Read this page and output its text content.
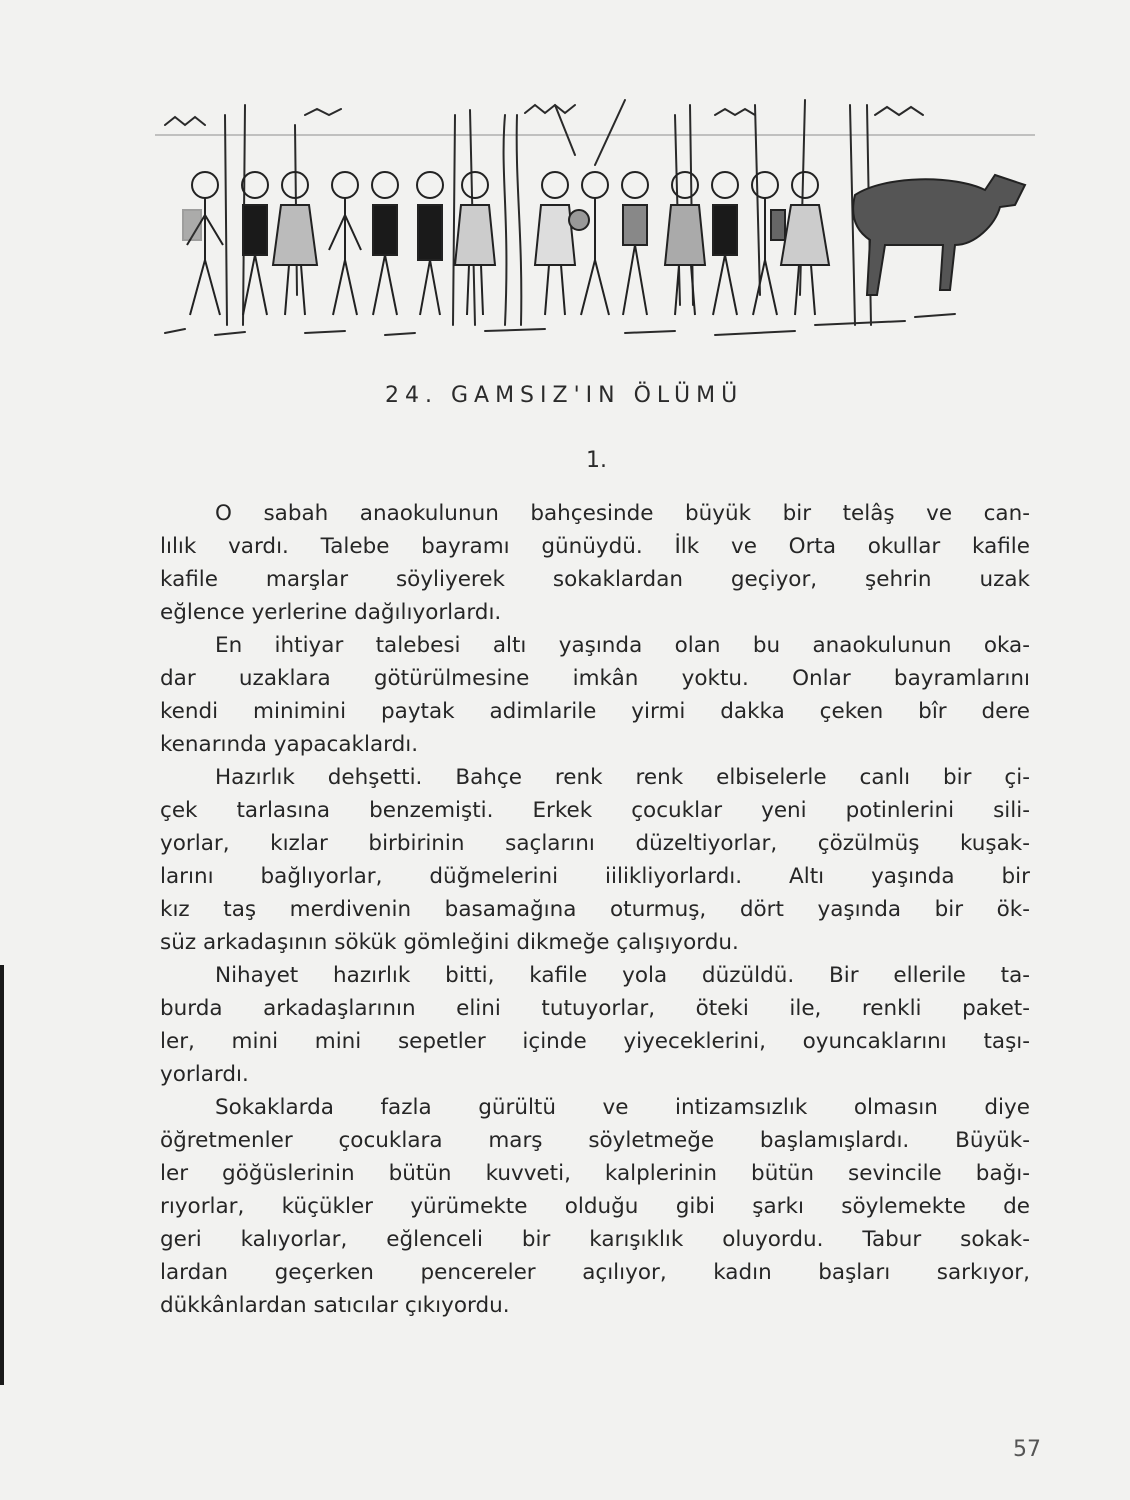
24. GAMSIZ'IN ÖLÜMÜ
1.
O sabah anaokulunun bahçesinde büyük bir telâş ve can-
lılık vardı. Talebe bayramı günüydü. İlk ve Orta okullar kafile
kafile marşlar söyliyerek sokaklardan geçiyor, şehrin uzak
eğlence yerlerine dağılıyorlardı.
En ihtiyar talebesi altı yaşında olan bu anaokulunun oka-
dar uzaklara götürülmesine imkân yoktu. Onlar bayramlarını
kendi minimini paytak adimlarile yirmi dakka çeken bîr dere
kenarında yapacaklardı.
Hazırlık dehşetti. Bahçe renk renk elbiselerle canlı bir çi-
çek tarlasına benzemişti. Erkek çocuklar yeni potinlerini sili-
yorlar, kızlar birbirinin saçlarını düzeltiyorlar, çözülmüş kuşak-
larını bağlıyorlar, düğmelerini iilikliyorlardı. Altı yaşında bir
kız taş merdivenin basamağına oturmuş, dört yaşında bir ök-
süz arkadaşının sökük gömleğini dikmeğe çalışıyordu.
Nihayet hazırlık bitti, kafile yola düzüldü. Bir ellerile ta-
burda arkadaşlarının elini tutuyorlar, öteki ile, renkli paket-
ler, mini mini sepetler içinde yiyeceklerini, oyuncaklarını taşı-
yorlardı.
Sokaklarda fazla gürültü ve intizamsızlık olmasın diye
öğretmenler çocuklara marş söyletmeğe başlamışlardı. Büyük-
ler göğüslerinin bütün kuvveti, kalplerinin bütün sevincile bağı-
rıyorlar, küçükler yürümekte olduğu gibi şarkı söylemekte de
geri kalıyorlar, eğlenceli bir karışıklık oluyordu. Tabur sokak-
lardan geçerken pencereler açılıyor, kadın başları sarkıyor,
dükkânlardan satıcılar çıkıyordu.
57
